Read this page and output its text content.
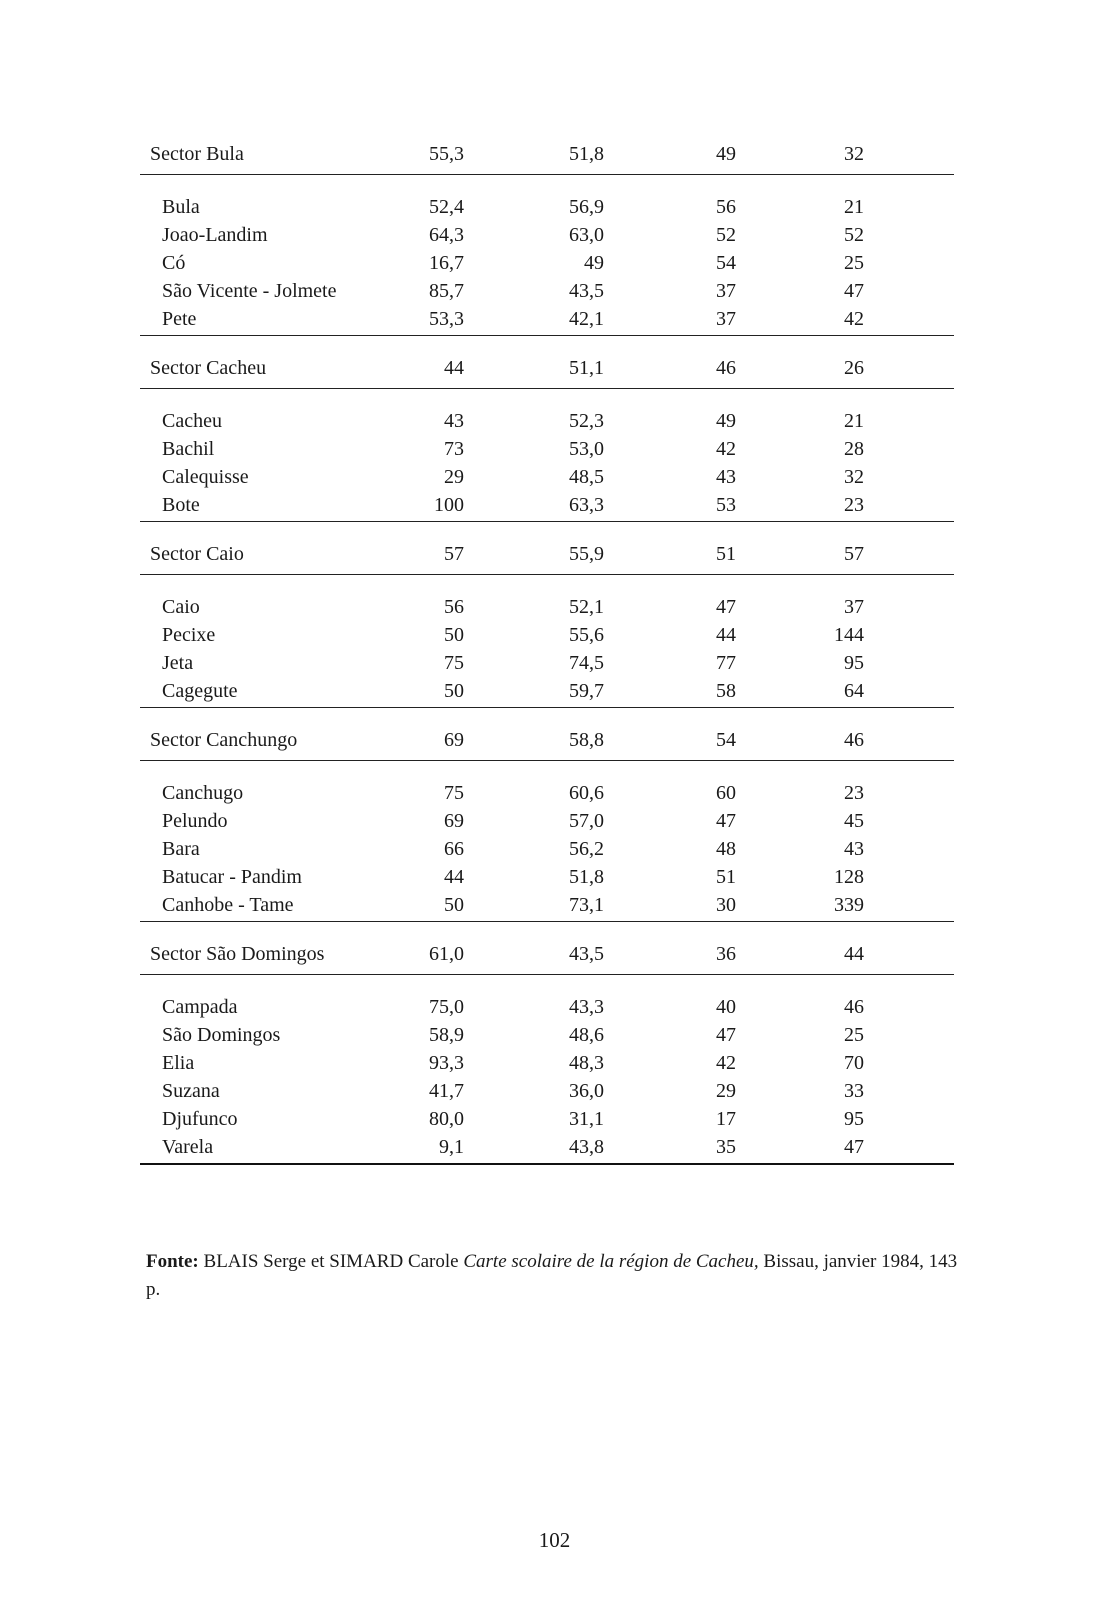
Sector Bula	55,3	51,8	49	32
Bula	52,4	56,9	56	21
Joao-Landim	64,3	63,0	52	52
Có	16,7	49	54	25
São Vicente - Jolmete	85,7	43,5	37	47
Pete	53,3	42,1	37	42
Sector Cacheu	44	51,1	46	26
Cacheu	43	52,3	49	21
Bachil	73	53,0	42	28
Calequisse	29	48,5	43	32
Bote	100	63,3	53	23
Sector Caio	57	55,9	51	57
Caio	56	52,1	47	37
Pecixe	50	55,6	44	144
Jeta	75	74,5	77	95
Cagegute	50	59,7	58	64
Sector Canchungo	69	58,8	54	46
Canchugo	75	60,6	60	23
Pelundo	69	57,0	47	45
Bara	66	56,2	48	43
Batucar - Pandim	44	51,8	51	128
Canhobe - Tame	50	73,1	30	339
Sector São Domingos	61,0	43,5	36	44
Campada	75,0	43,3	40	46
São Domingos	58,9	48,6	47	25
Elia	93,3	48,3	42	70
Suzana	41,7	36,0	29	33
Djufunco	80,0	31,1	17	95
Varela	9,1	43,8	35	47
Fonte: BLAIS Serge et SIMARD Carole Carte scolaire de la région de Cacheu, Bissau, janvier 1984, 143 p.
102
